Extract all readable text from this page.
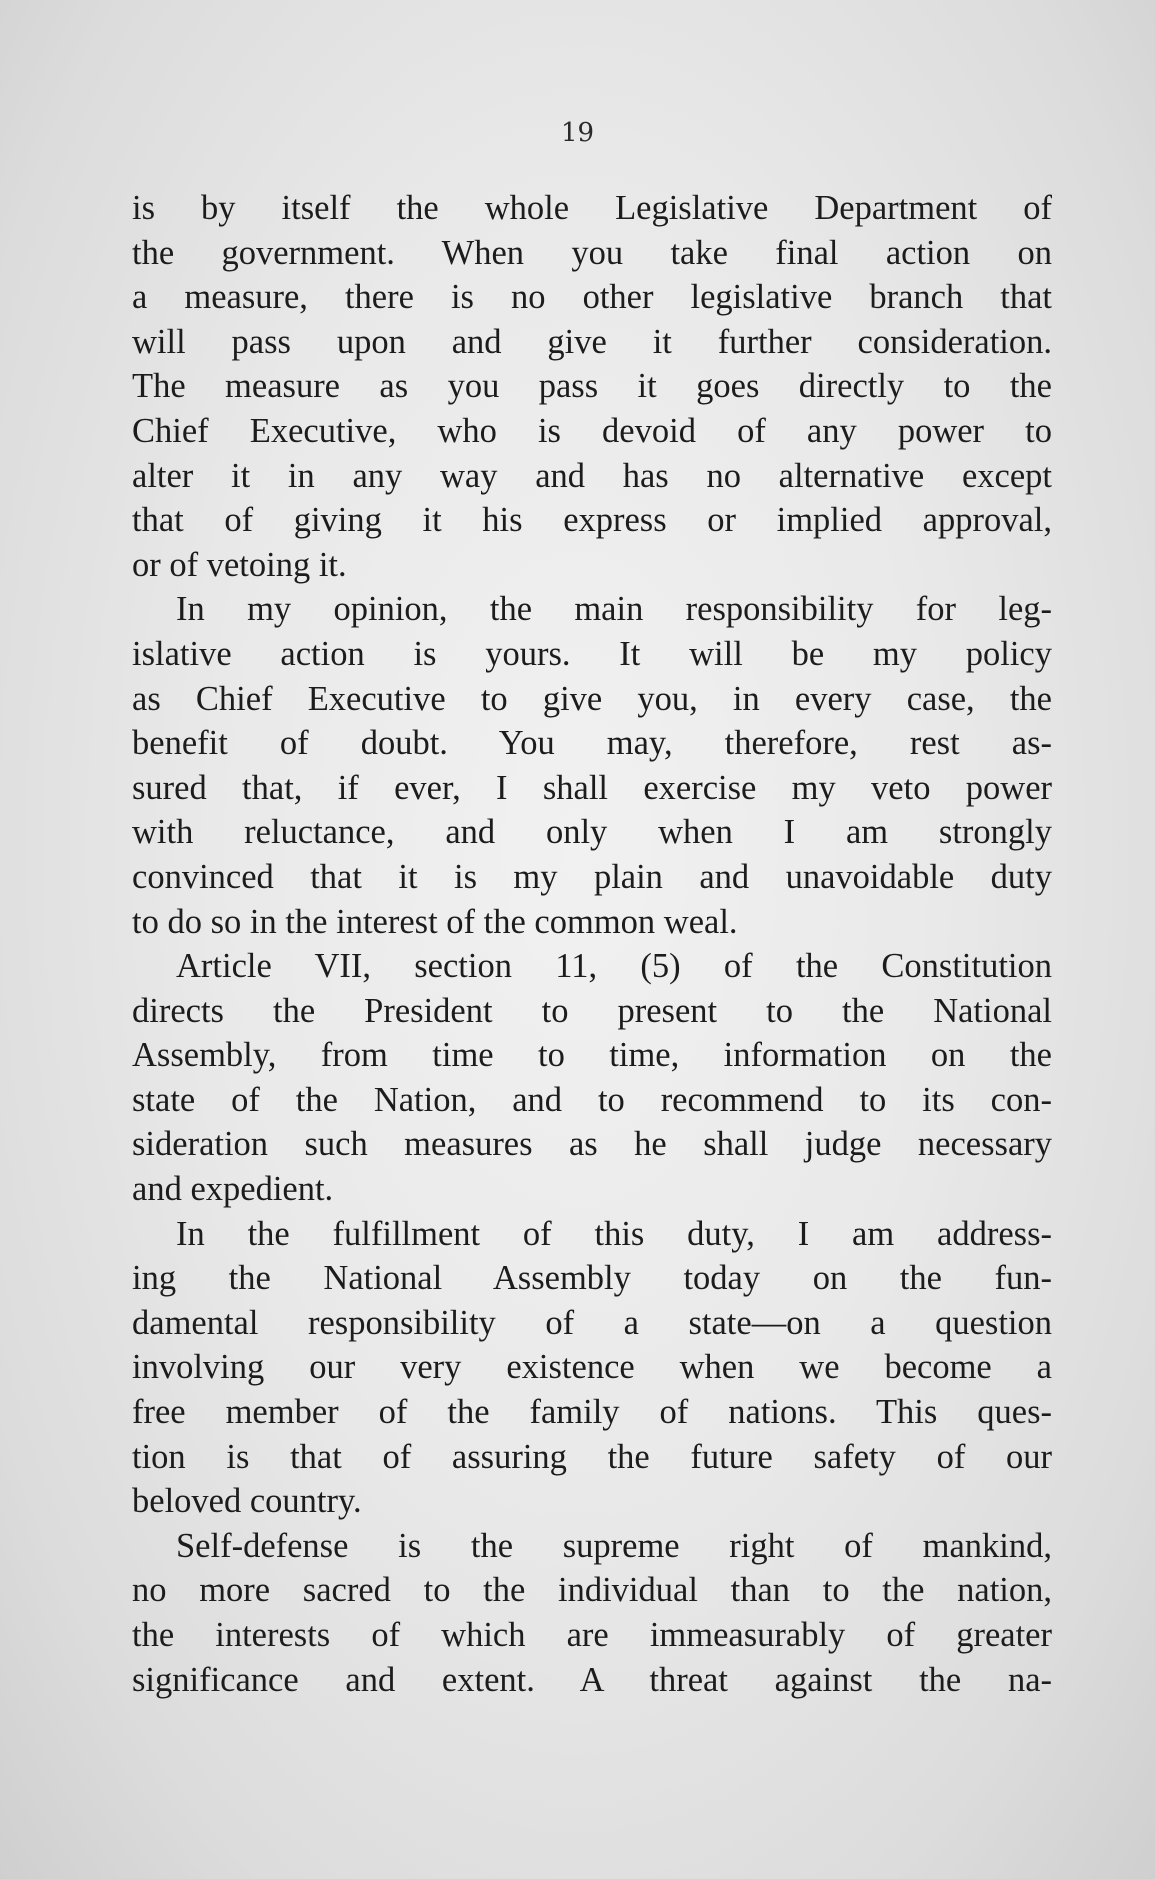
19
is by itself the whole Legislative Department of
the government. When you take final action on
a measure, there is no other legislative branch that
will pass upon and give it further consideration.
The measure as you pass it goes directly to the
Chief Executive, who is devoid of any power to
alter it in any way and has no alternative except
that of giving it his express or implied approval,
or of vetoing it.
In my opinion, the main responsibility for leg-
islative action is yours. It will be my policy
as Chief Executive to give you, in every case, the
benefit of doubt. You may, therefore, rest as-
sured that, if ever, I shall exercise my veto power
with reluctance, and only when I am strongly
convinced that it is my plain and unavoidable duty
to do so in the interest of the common weal.
Article VII, section 11, (5) of the Constitution
directs the President to present to the National
Assembly, from time to time, information on the
state of the Nation, and to recommend to its con-
sideration such measures as he shall judge necessary
and expedient.
In the fulfillment of this duty, I am address-
ing the National Assembly today on the fun-
damental responsibility of a state—on a question
involving our very existence when we become a
free member of the family of nations. This ques-
tion is that of assuring the future safety of our
beloved country.
Self-defense is the supreme right of mankind,
no more sacred to the individual than to the nation,
the interests of which are immeasurably of greater
significance and extent. A threat against the na-
